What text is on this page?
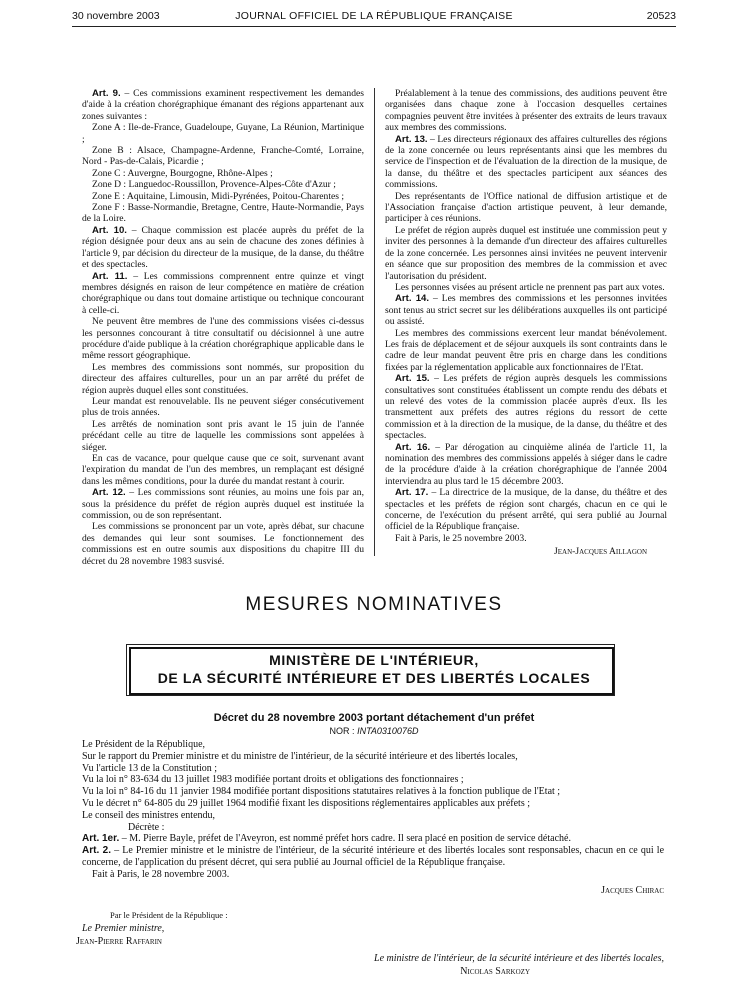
30 novembre 2003	JOURNAL OFFICIEL DE LA RÉPUBLIQUE FRANÇAISE	20523

Art. 9. – Ces commissions examinent respectivement les demandes d'aide à la création chorégraphique émanant des régions appartenant aux zones suivantes :

Zone A : Ile-de-France, Guadeloupe, Guyane, La Réunion, Martinique ;

Zone B : Alsace, Champagne-Ardenne, Franche-Comté, Lorraine, Nord - Pas-de-Calais, Picardie ;

Zone C : Auvergne, Bourgogne, Rhône-Alpes ;

Zone D : Languedoc-Roussillon, Provence-Alpes-Côte d'Azur ;

Zone E : Aquitaine, Limousin, Midi-Pyrénées, Poitou-Charentes ;

Zone F : Basse-Normandie, Bretagne, Centre, Haute-Normandie, Pays de la Loire.

Art. 10. – Chaque commission est placée auprès du préfet de la région désignée pour deux ans au sein de chacune des zones définies à l'article 9, par décision du directeur de la musique, de la danse, du théâtre et des spectacles.

Art. 11. – Les commissions comprennent entre quinze et vingt membres désignés en raison de leur compétence en matière de création chorégraphique ou dans tout domaine artistique ou technique concourant à celle-ci.

Ne peuvent être membres de l'une des commissions visées ci-dessus les personnes concourant à titre consultatif ou décisionnel à une autre procédure d'aide publique à la création chorégraphique applicable dans le même ressort géographique.

Les membres des commissions sont nommés, sur proposition du directeur des affaires culturelles, pour un an par arrêté du préfet de région auprès duquel elles sont constituées.

Leur mandat est renouvelable. Ils ne peuvent siéger consécutivement plus de trois années.

Les arrêtés de nomination sont pris avant le 15 juin de l'année précédant celle au titre de laquelle les commissions sont appelées à siéger.

En cas de vacance, pour quelque cause que ce soit, survenant avant l'expiration du mandat de l'un des membres, un remplaçant est désigné dans les mêmes conditions, pour la durée du mandat restant à courir.

Art. 12. – Les commissions sont réunies, au moins une fois par an, sous la présidence du préfet de région auprès duquel est instituée la commission, ou de son représentant.

Les commissions se prononcent par un vote, après débat, sur chacune des demandes qui leur sont soumises. Le fonctionnement des commissions est en outre soumis aux dispositions du chapitre III du décret du 28 novembre 1983 susvisé.

Préalablement à la tenue des commissions, des auditions peuvent être organisées dans chaque zone à l'occasion desquelles certaines compagnies peuvent être invitées à présenter des extraits de leurs travaux aux membres des commissions.

Art. 13. – Les directeurs régionaux des affaires culturelles des régions de la zone concernée ou leurs représentants ainsi que les membres du service de l'inspection et de l'évaluation de la direction de la musique, de la danse, du théâtre et des spectacles participent aux séances des commissions.

Des représentants de l'Office national de diffusion artistique et de l'Association française d'action artistique peuvent, à leur demande, participer à ces réunions.

Le préfet de région auprès duquel est instituée une commission peut y inviter des personnes à la demande d'un directeur des affaires culturelles de la zone concernée. Les personnes ainsi invitées ne peuvent intervenir en séance que sur proposition des membres de la commission et avec l'autorisation du président.

Les personnes visées au présent article ne prennent pas part aux votes.

Art. 14. – Les membres des commissions et les personnes invitées sont tenus au strict secret sur les délibérations auxquelles ils ont participé ou assisté.

Les membres des commissions exercent leur mandat bénévolement. Les frais de déplacement et de séjour auxquels ils sont contraints dans le cadre de leur mandat peuvent être pris en charge dans les conditions fixées par la réglementation applicable aux fonctionnaires de l'Etat.

Art. 15. – Les préfets de région auprès desquels les commissions consultatives sont constituées établissent un compte rendu des débats et un relevé des votes de la commission placée auprès d'eux. Ils les transmettent aux préfets des autres régions du ressort de cette commission et à la direction de la musique, de la danse, du théâtre et des spectacles.

Art. 16. – Par dérogation au cinquième alinéa de l'article 11, la nomination des membres des commissions appelés à siéger dans le cadre de la procédure d'aide à la création chorégraphique de l'année 2004 interviendra au plus tard le 15 décembre 2003.

Art. 17. – La directrice de la musique, de la danse, du théâtre et des spectacles et les préfets de région sont chargés, chacun en ce qui le concerne, de l'exécution du présent arrêté, qui sera publié au Journal officiel de la République française.

Fait à Paris, le 25 novembre 2003.

Jean-Jacques Aillagon
MESURES NOMINATIVES
MINISTÈRE DE L'INTÉRIEUR,
DE LA SÉCURITÉ INTÉRIEURE ET DES LIBERTÉS LOCALES
Décret du 28 novembre 2003 portant détachement d'un préfet
NOR : INTA0310076D

Le Président de la République,

Sur le rapport du Premier ministre et du ministre de l'intérieur, de la sécurité intérieure et des libertés locales,

Vu l'article 13 de la Constitution ;

Vu la loi n° 83-634 du 13 juillet 1983 modifiée portant droits et obligations des fonctionnaires ;

Vu la loi n° 84-16 du 11 janvier 1984 modifiée portant dispositions statutaires relatives à la fonction publique de l'Etat ;

Vu le décret n° 64-805 du 29 juillet 1964 modifié fixant les dispositions réglementaires applicables aux préfets ;

Le conseil des ministres entendu,

Décrète :

Art. 1er. – M. Pierre Bayle, préfet de l'Aveyron, est nommé préfet hors cadre. Il sera placé en position de service détaché.

Art. 2. – Le Premier ministre et le ministre de l'intérieur, de la sécurité intérieure et des libertés locales sont responsables, chacun en ce qui le concerne, de l'application du présent décret, qui sera publié au Journal officiel de la République française.

Fait à Paris, le 28 novembre 2003.

Jacques Chirac
Par le Président de la République :
Le Premier ministre,
Jean-Pierre Raffarin
Le ministre de l'intérieur, de la sécurité intérieure et des libertés locales,
Nicolas Sarkozy
